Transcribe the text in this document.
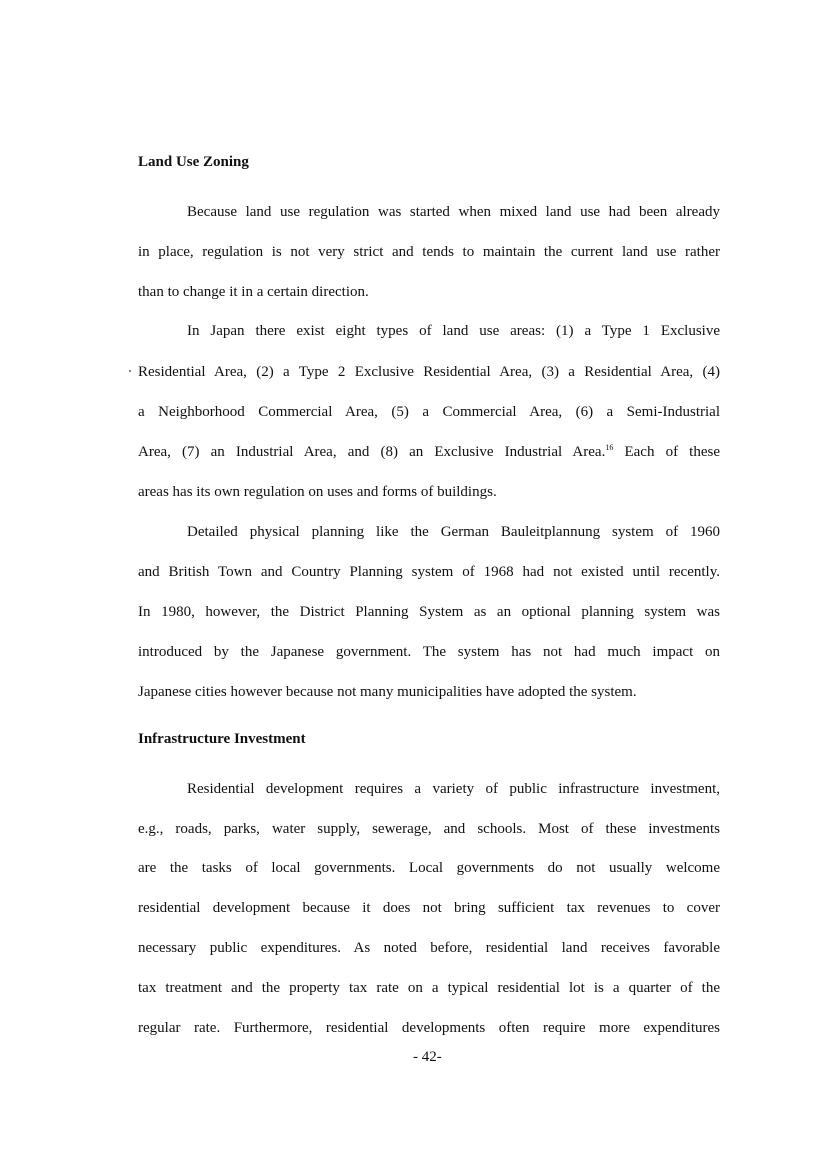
Land Use Zoning
Because land use regulation was started when mixed land use had been already
in place, regulation is not very strict and tends to maintain the current land use rather
than to change it in a certain direction.
In Japan there exist eight types of land use areas: (1) a Type 1 Exclusive
Residential Area, (2) a Type 2 Exclusive Residential Area, (3) a Residential Area, (4)
a Neighborhood Commercial Area, (5) a Commercial Area, (6) a Semi-Industrial
Area, (7) an Industrial Area, and (8) an Exclusive Industrial Area.$^{16}$ Each of these
areas has its own regulation on uses and forms of buildings.
Detailed physical planning like the German Bauleitplannung system of 1960
and British Town and Country Planning system of 1968 had not existed until recently.
In 1980, however, the District Planning System as an optional planning system was
introduced by the Japanese government. The system has not had much impact on
Japanese cities however because not many municipalities have adopted the system.
Infrastructure Investment
Residential development requires a variety of public infrastructure investment,
e.g., roads, parks, water supply, sewerage, and schools. Most of these investments
are the tasks of local governments. Local governments do not usually welcome
residential development because it does not bring sufficient tax revenues to cover
necessary public expenditures. As noted before, residential land receives favorable
tax treatment and the property tax rate on a typical residential lot is a quarter of the
regular rate. Furthermore, residential developments often require more expenditures
- 42-
